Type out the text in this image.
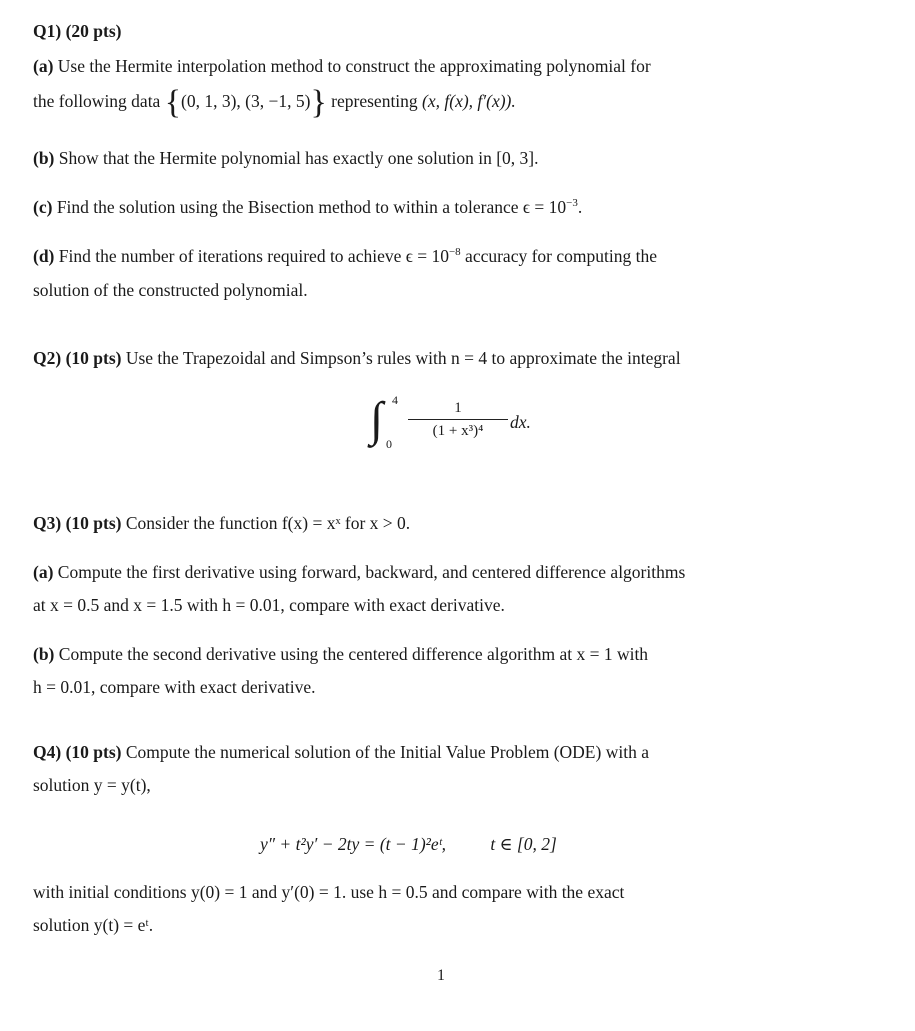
Q1) (20 pts)
(a) Use the Hermite interpolation method to construct the approximating polynomial for
the following data {(0, 1, 3), (3, −1, 5)} representing (x, f(x), f′(x)).
(b) Show that the Hermite polynomial has exactly one solution in [0, 3].
(c) Find the solution using the Bisection method to within a tolerance $\epsilon = 10^{-3}$.
(d) Find the number of iterations required to achieve $\epsilon = 10^{-8}$ accuracy for computing the
solution of the constructed polynomial.
Q2) (10 pts) Use the Trapezoidal and Simpson’s rules with n = 4 to approximate the integral
∫ 4
0
1
(1 + x³)⁴	dx.
Q3) (10 pts) Consider the function f(x) = xˣ for x > 0.
(a) Compute the first derivative using forward, backward, and centered difference algorithms
at x = 0.5 and x = 1.5 with h = 0.01, compare with exact derivative.
(b) Compute the second derivative using the centered difference algorithm at x = 1 with
h = 0.01, compare with exact derivative.
Q4) (10 pts) Compute the numerical solution of the Initial Value Problem (ODE) with a
solution y = y(t),
y″ + t²y′ − 2ty = (t − 1)²eᵗ,	t ∈ [0, 2]
with initial conditions y(0) = 1 and y′(0) = 1. use h = 0.5 and compare with the exact
solution y(t) = eᵗ.
1
